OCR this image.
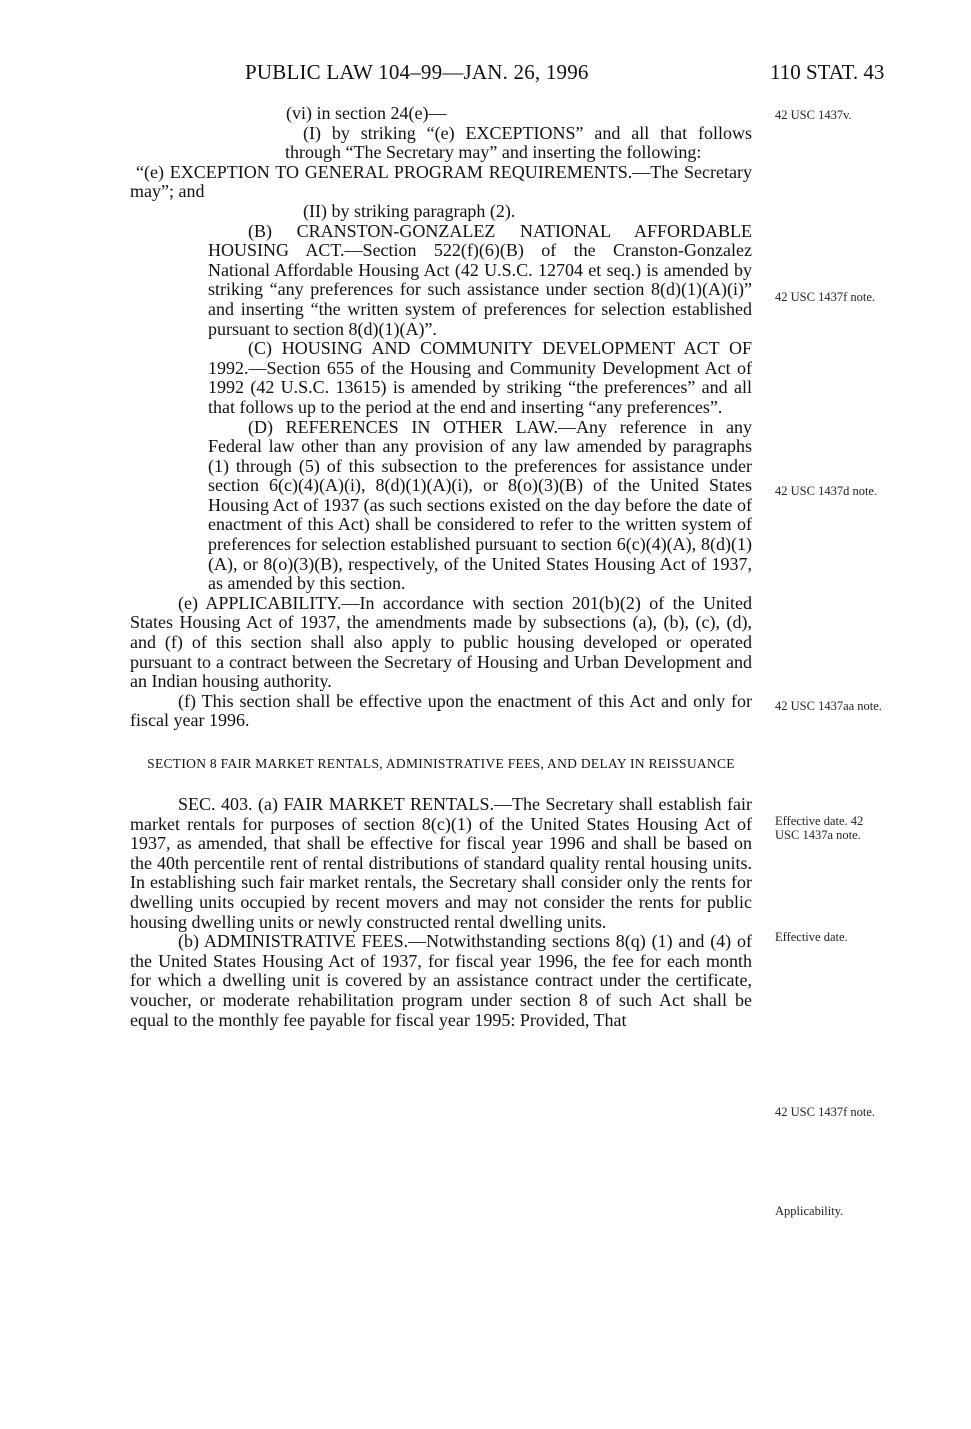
PUBLIC LAW 104–99—JAN. 26, 1996	110 STAT. 43

(vi) in section 24(e)—

(I) by striking “(e) EXCEPTIONS” and all that follows through “The Secretary may” and inserting the following:

“(e) EXCEPTION TO GENERAL PROGRAM REQUIREMENTS.—The Secretary may”; and

(II) by striking paragraph (2).

(B) CRANSTON-GONZALEZ NATIONAL AFFORDABLE HOUSING ACT.—Section 522(f)(6)(B) of the Cranston-Gonzalez National Affordable Housing Act (42 U.S.C. 12704 et seq.) is amended by striking “any preferences for such assistance under section 8(d)(1)(A)(i)” and inserting “the written system of preferences for selection established pursuant to section 8(d)(1)(A)”.

(C) HOUSING AND COMMUNITY DEVELOPMENT ACT OF 1992.—Section 655 of the Housing and Community Development Act of 1992 (42 U.S.C. 13615) is amended by striking “the preferences” and all that follows up to the period at the end and inserting “any preferences”.

(D) REFERENCES IN OTHER LAW.—Any reference in any Federal law other than any provision of any law amended by paragraphs (1) through (5) of this subsection to the preferences for assistance under section 6(c)(4)(A)(i), 8(d)(1)(A)(i), or 8(o)(3)(B) of the United States Housing Act of 1937 (as such sections existed on the day before the date of enactment of this Act) shall be considered to refer to the written system of preferences for selection established pursuant to section 6(c)(4)(A), 8(d)(1)(A), or 8(o)(3)(B), respectively, of the United States Housing Act of 1937, as amended by this section.

(e) APPLICABILITY.—In accordance with section 201(b)(2) of the United States Housing Act of 1937, the amendments made by subsections (a), (b), (c), (d), and (f) of this section shall also apply to public housing developed or operated pursuant to a contract between the Secretary of Housing and Urban Development and an Indian housing authority.

(f) This section shall be effective upon the enactment of this Act and only for fiscal year 1996.

SECTION 8 FAIR MARKET RENTALS, ADMINISTRATIVE FEES, AND DELAY IN REISSUANCE

SEC. 403. (a) FAIR MARKET RENTALS.—The Secretary shall establish fair market rentals for purposes of section 8(c)(1) of the United States Housing Act of 1937, as amended, that shall be effective for fiscal year 1996 and shall be based on the 40th percentile rent of rental distributions of standard quality rental housing units. In establishing such fair market rentals, the Secretary shall consider only the rents for dwelling units occupied by recent movers and may not consider the rents for public housing dwelling units or newly constructed rental dwelling units.

(b) ADMINISTRATIVE FEES.—Notwithstanding sections 8(q) (1) and (4) of the United States Housing Act of 1937, for fiscal year 1996, the fee for each month for which a dwelling unit is covered by an assistance contract under the certificate, voucher, or moderate rehabilitation program under section 8 of such Act shall be equal to the monthly fee payable for fiscal year 1995: Provided, That

42 USC 1437v.
42 USC 1437f note.
42 USC 1437d note.
42 USC 1437aa note.
Effective date. 42 USC 1437a note.
Effective date.
42 USC 1437f note.
Applicability.
